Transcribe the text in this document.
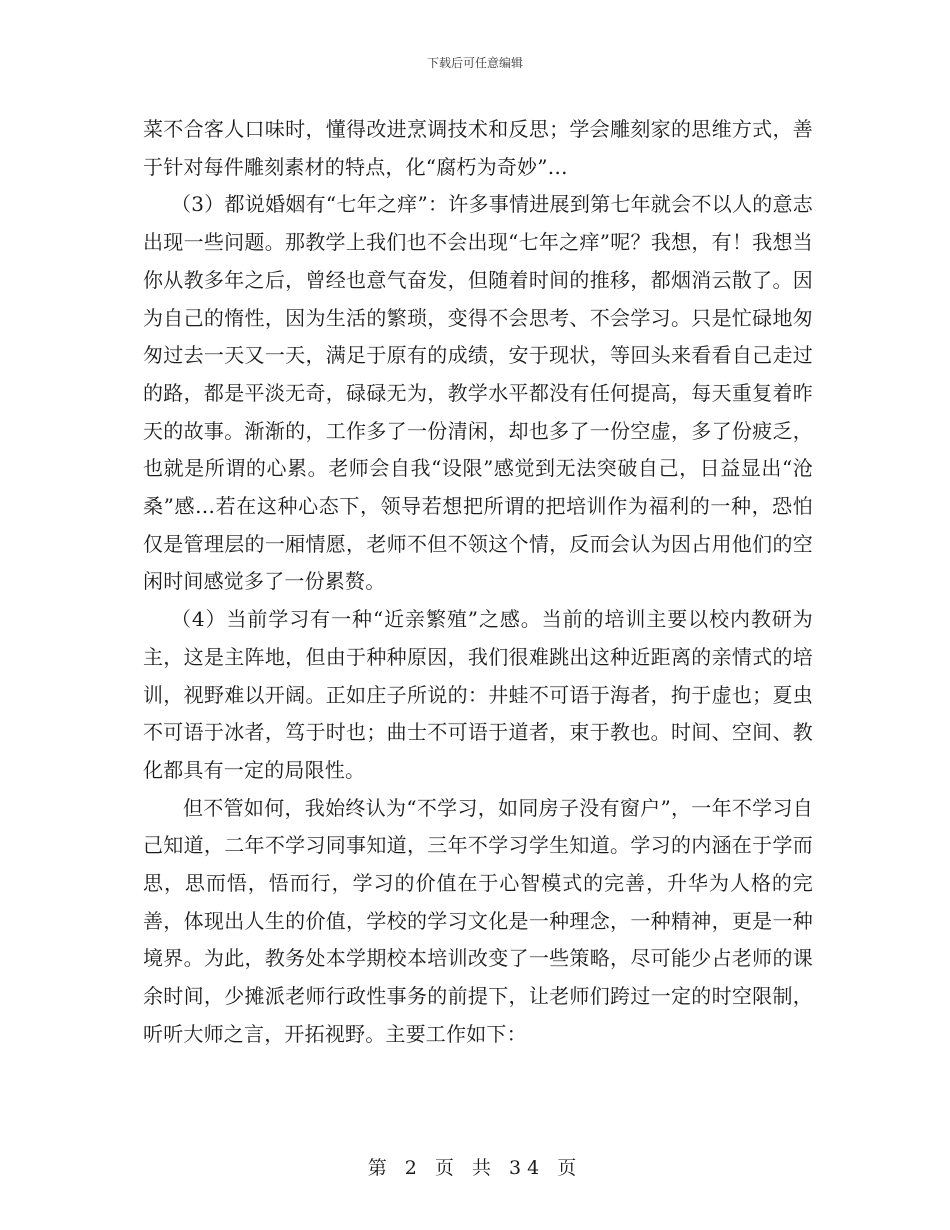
下载后可任意编辑

菜不合客人口味时，懂得改进烹调技术和反思；学会雕刻家的思维方式，善于针对每件雕刻素材的特点，化“腐朽为奇妙”…

（3）都说婚姻有“七年之痒”：许多事情进展到第七年就会不以人的意志出现一些问题。那教学上我们也不会出现“七年之痒”呢？我想，有！我想当你从教多年之后，曾经也意气奋发，但随着时间的推移，都烟消云散了。因为自己的惰性，因为生活的繁琐，变得不会思考、不会学习。只是忙碌地匆匆过去一天又一天，满足于原有的成绩，安于现状，等回头来看看自己走过的路，都是平淡无奇，碌碌无为，教学水平都没有任何提高，每天重复着昨天的故事。渐渐的，工作多了一份清闲，却也多了一份空虚，多了份疲乏，也就是所谓的心累。老师会自我“设限”感觉到无法突破自己，日益显出“沧桑”感…若在这种心态下，领导若想把所谓的把培训作为福利的一种，恐怕仅是管理层的一厢情愿，老师不但不领这个情，反而会认为因占用他们的空闲时间感觉多了一份累赘。

（4）当前学习有一种“近亲繁殖”之感。当前的培训主要以校内教研为主，这是主阵地，但由于种种原因，我们很难跳出这种近距离的亲情式的培训，视野难以开阔。正如庄子所说的：井蛙不可语于海者，拘于虚也；夏虫不可语于冰者，笃于时也；曲士不可语于道者，束于教也。时间、空间、教化都具有一定的局限性。

但不管如何，我始终认为“不学习，如同房子没有窗户”，一年不学习自己知道，二年不学习同事知道，三年不学习学生知道。学习的内涵在于学而思，思而悟，悟而行，学习的价值在于心智模式的完善，升华为人格的完善，体现出人生的价值，学校的学习文化是一种理念，一种精神，更是一种境界。为此，教务处本学期校本培训改变了一些策略，尽可能少占老师的课余时间，少摊派老师行政性事务的前提下，让老师们跨过一定的时空限制，听听大师之言，开拓视野。主要工作如下：

第 2 页 共 34 页
